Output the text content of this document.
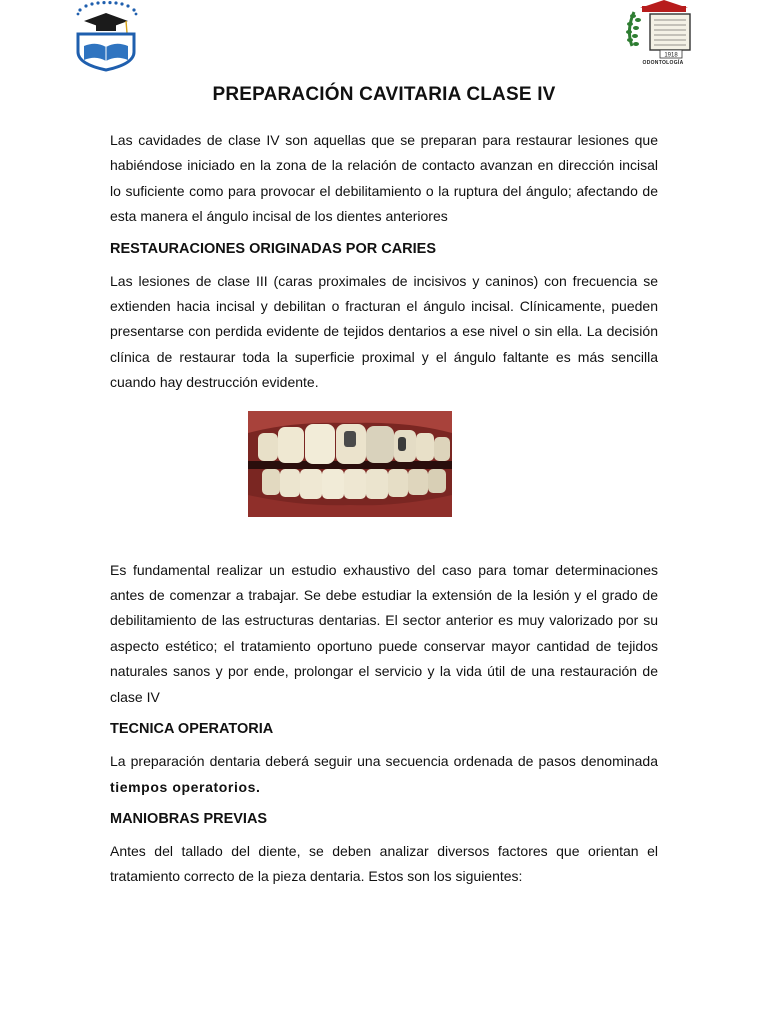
1918
ODONTOLOGÍA
PREPARACIÓN CAVITARIA CLASE IV

Las cavidades de clase IV son aquellas que se preparan para restaurar lesiones que habiéndose iniciado en la zona de la relación de contacto avanzan en dirección incisal lo suficiente como para provocar el debilitamiento o la ruptura del ángulo; afectando de esta manera el ángulo incisal de los dientes anteriores

RESTAURACIONES ORIGINADAS POR CARIES

Las lesiones de clase III (caras proximales de incisivos y caninos) con frecuencia se extienden hacia incisal y debilitan o fracturan el ángulo incisal. Clínicamente, pueden presentarse con perdida evidente de tejidos dentarios a ese nivel o sin ella. La decisión clínica de restaurar toda la superficie proximal y el ángulo faltante es más sencilla cuando hay destrucción evidente.

Es fundamental realizar un estudio exhaustivo del caso para tomar determinaciones antes de comenzar a trabajar. Se debe estudiar la extensión de la lesión y el grado de debilitamiento de las estructuras dentarias. El sector anterior es muy valorizado por su aspecto estético; el tratamiento oportuno puede conservar mayor cantidad de tejidos naturales sanos y por ende, prolongar el servicio y la vida útil de una restauración de clase IV

TECNICA OPERATORIA

La preparación dentaria deberá seguir una secuencia ordenada de pasos denominada tiempos operatorios.

MANIOBRAS PREVIAS

Antes del tallado del diente, se deben analizar diversos factores que orientan el tratamiento correcto de la pieza dentaria. Estos son los siguientes:
